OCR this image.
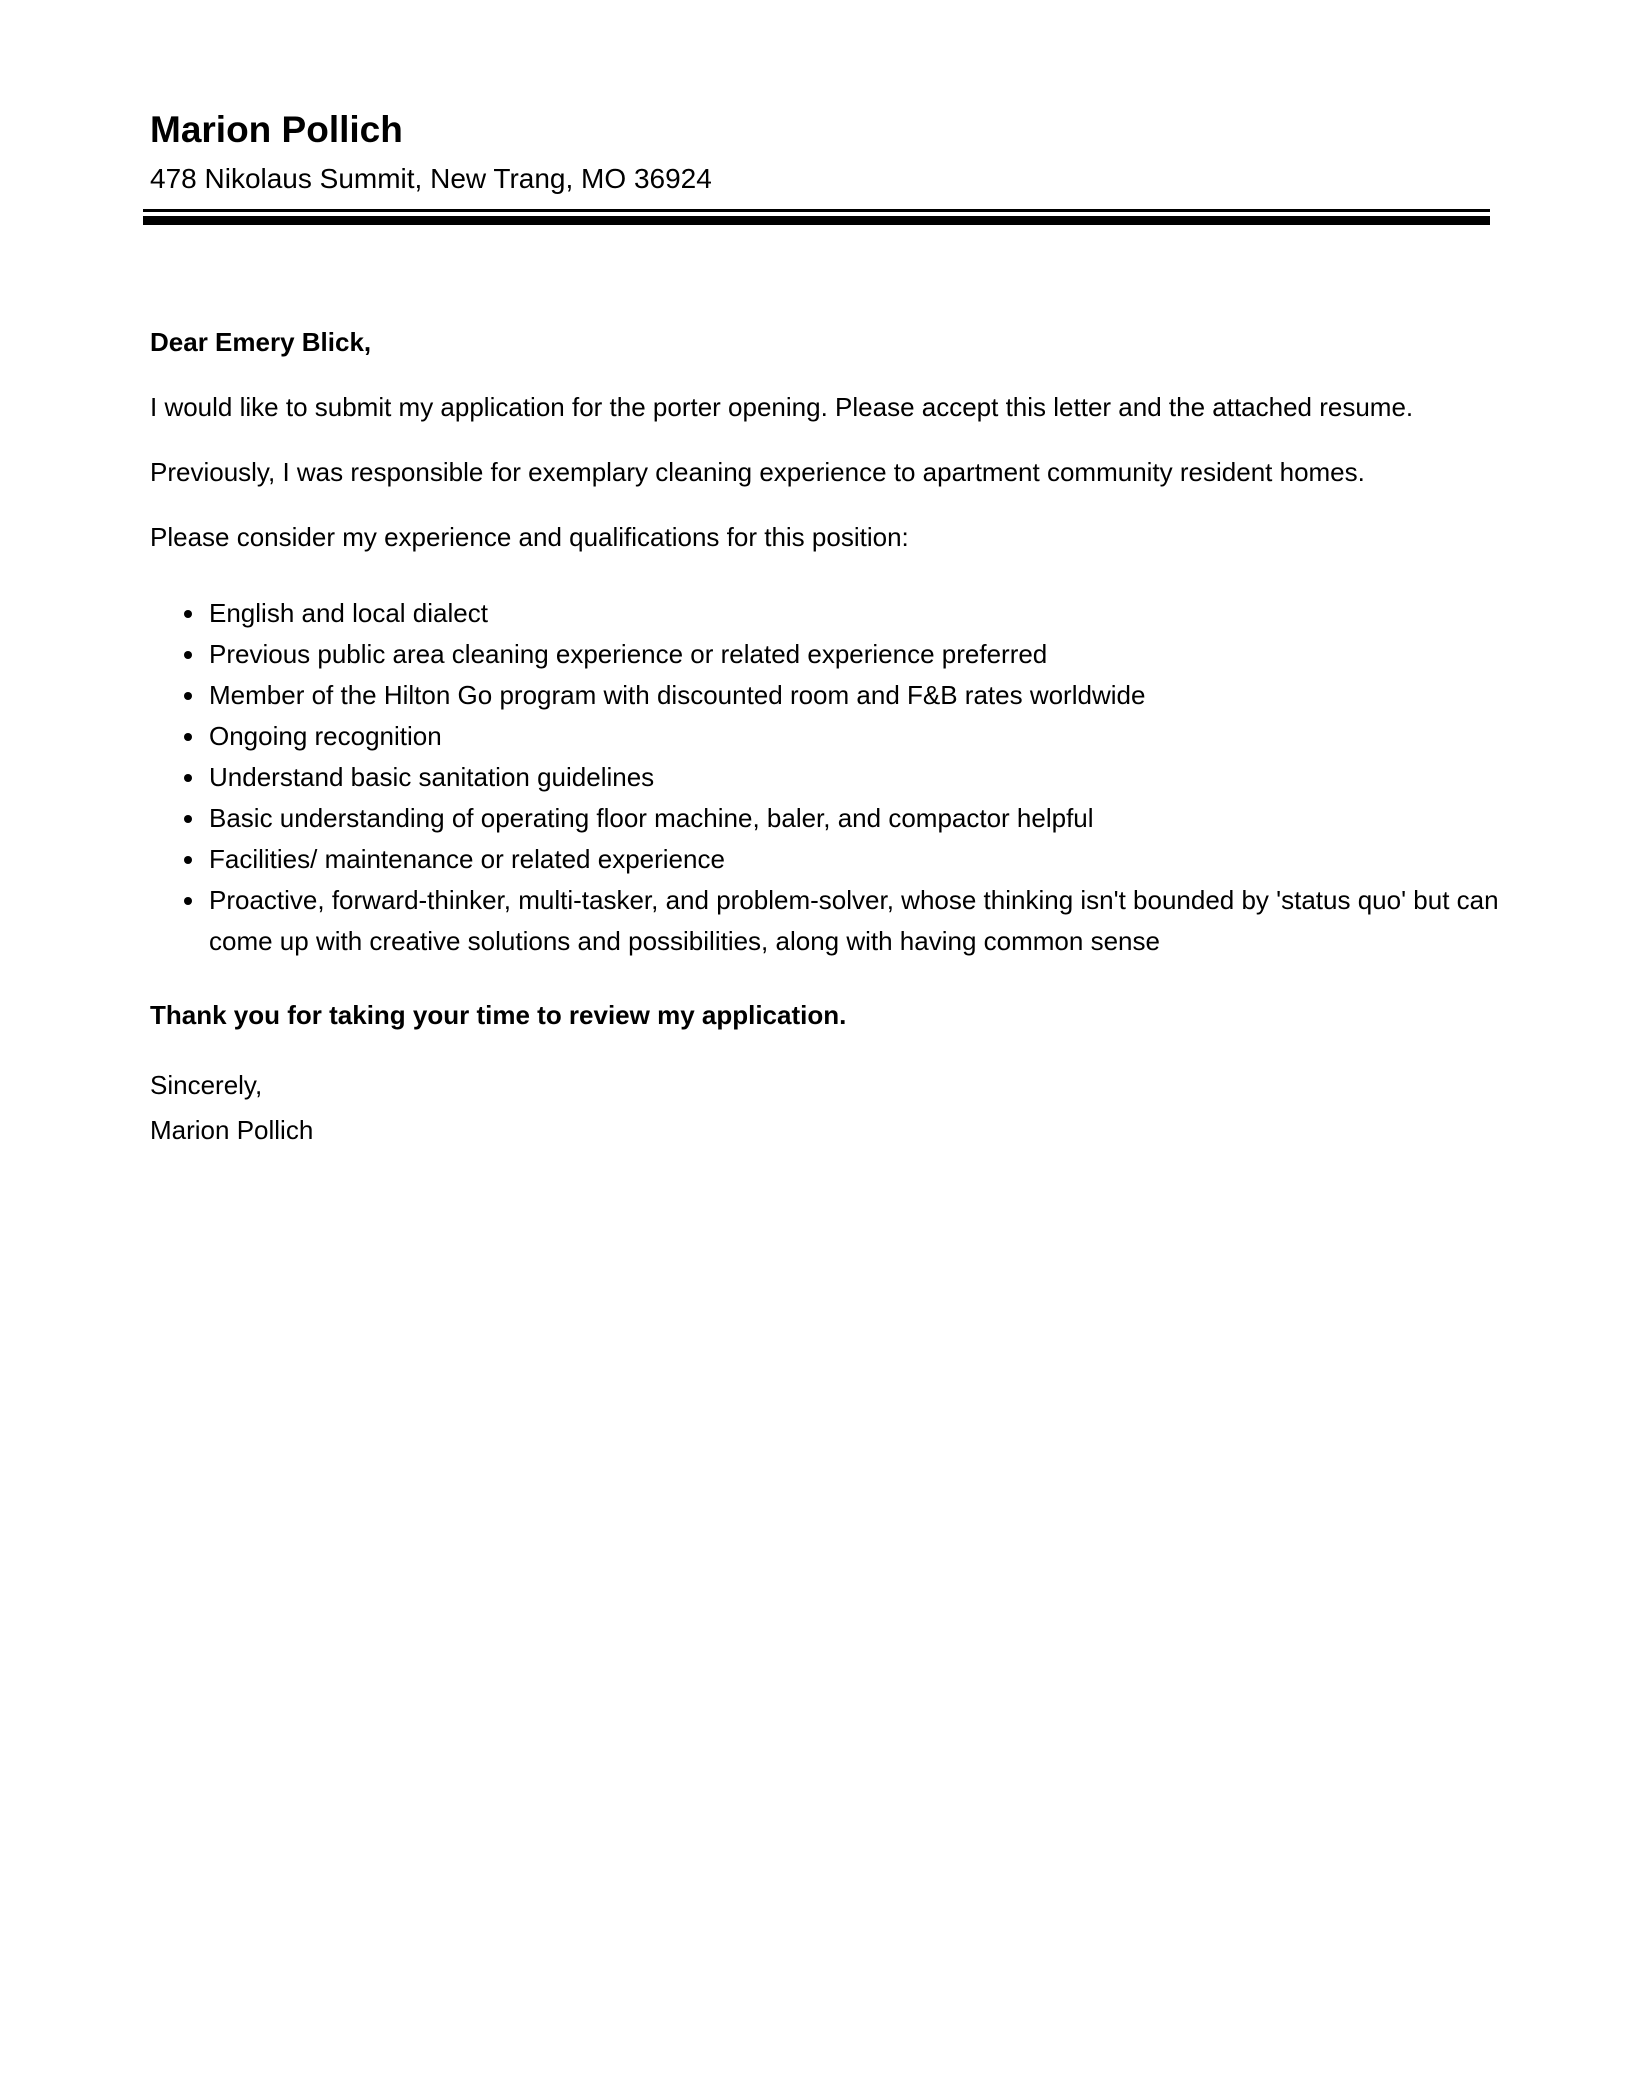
Marion Pollich
478 Nikolaus Summit, New Trang, MO 36924
Dear Emery Blick,

I would like to submit my application for the porter opening. Please accept this letter and the attached resume.

Previously, I was responsible for exemplary cleaning experience to apartment community resident homes.

Please consider my experience and qualifications for this position:

• English and local dialect
• Previous public area cleaning experience or related experience preferred
• Member of the Hilton Go program with discounted room and F&B rates worldwide
• Ongoing recognition
• Understand basic sanitation guidelines
• Basic understanding of operating floor machine, baler, and compactor helpful
• Facilities/ maintenance or related experience
• Proactive, forward-thinker, multi-tasker, and problem-solver, whose thinking isn't bounded by 'status quo' but can come up with creative solutions and possibilities, along with having common sense
Thank you for taking your time to review my application.
Sincerely,
Marion Pollich
